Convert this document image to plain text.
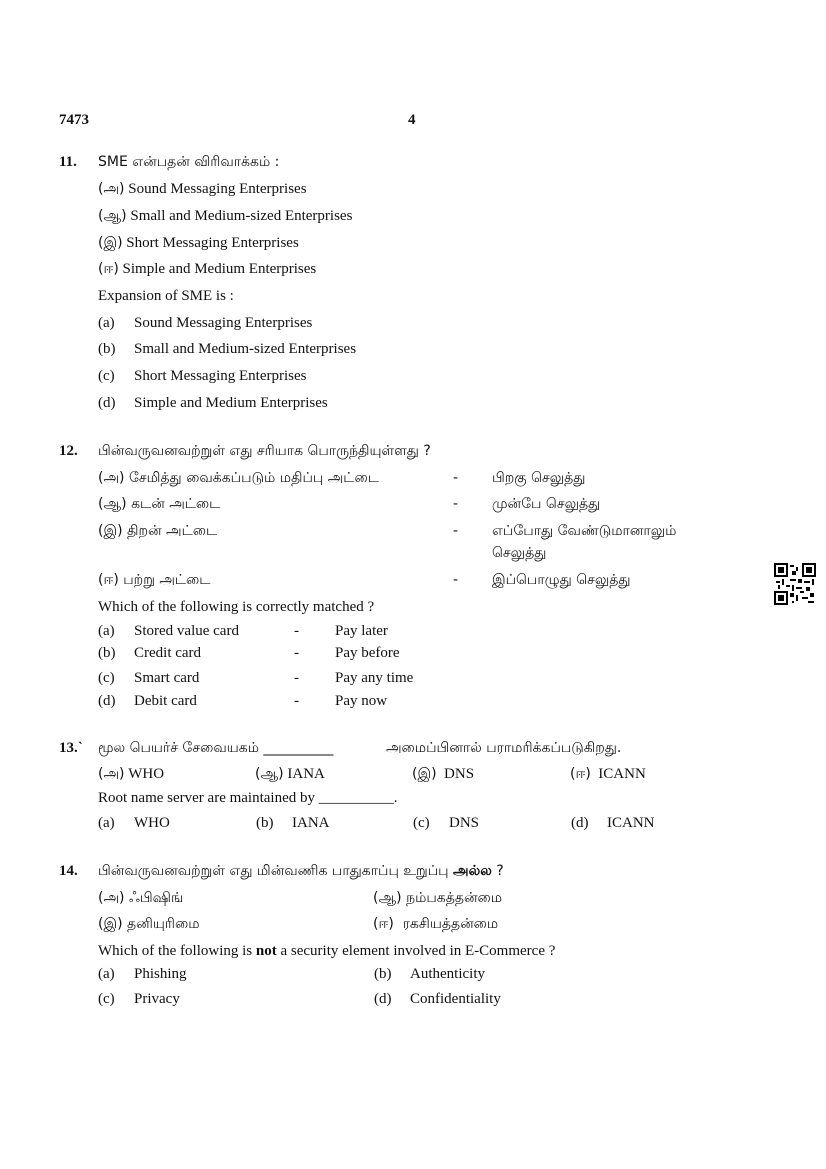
7473	4
11. SME என்பதன் விரிவாக்கம் :
(அ) Sound Messaging Enterprises
(ஆ) Small and Medium-sized Enterprises
(இ) Short Messaging Enterprises
(ஈ) Simple and Medium Enterprises
Expansion of SME is :
(a) Sound Messaging Enterprises
(b) Small and Medium-sized Enterprises
(c) Short Messaging Enterprises
(d) Simple and Medium Enterprises
12. பின்வருவனவற்றுள் எது சரியாக பொருந்தியுள்ளது ?
(அ) சேமித்து வைக்கப்படும் மதிப்பு அட்டை	- பிறகு செலுத்து
(ஆ) கடன் அட்டை	- முன்பே செலுத்து
(இ) திறன் அட்டை	- எப்போது வேண்டுமானாலும்
செலுத்து
(ஈ) பற்று அட்டை	- இப்பொழுது செலுத்து
Which of the following is correctly matched ?
(a) Stored value card	- Pay later
(b) Credit card	- Pay before
(c) Smart card	- Pay any time
(d) Debit card	- Pay now
13.` மூல பெயர்ச் சேவையகம் __________	அமைப்பினால் பராமரிக்கப்படுகிறது.
(அ) WHO	(ஆ) IANA	(இ) DNS	(ஈ) ICANN
Root name server are maintained by __________.
(a) WHO	(b) IANA	(c) DNS	(d) ICANN
14. பின்வருவனவற்றுள் எது மின்வணிக பாதுகாப்பு உறுப்பு அல்ல ?
(அ) ஃபிஷிங்	(ஆ) நம்பகத்தன்மை
(இ) தனியுரிமை	(ஈ) ரகசியத்தன்மை
Which of the following is not a security element involved in E-Commerce ?
(a) Phishing	(b) Authenticity
(c) Privacy	(d) Confidentiality
